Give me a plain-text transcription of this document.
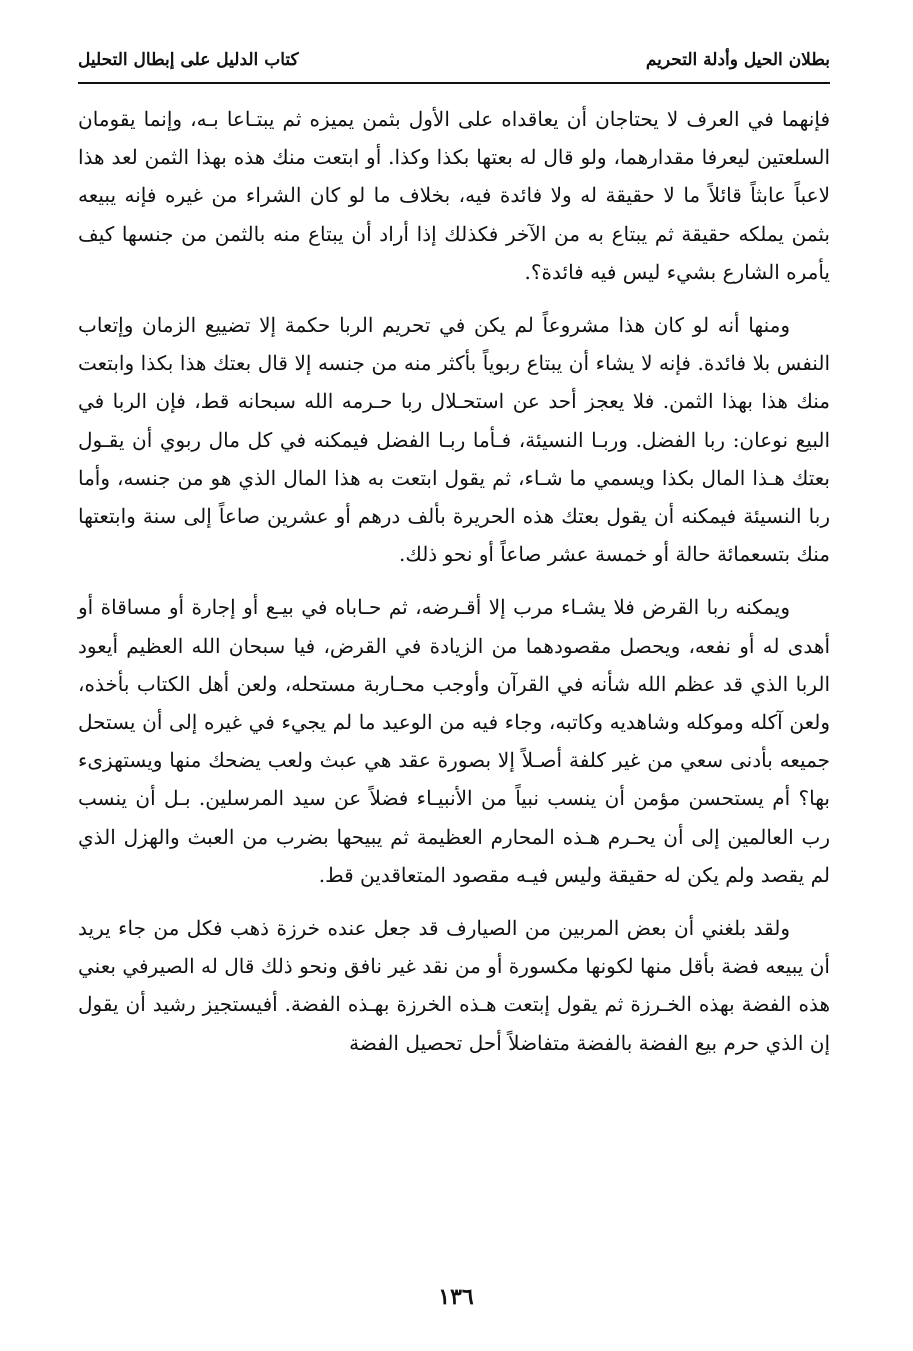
بطلان الحيل وأدلة التحريم
كتاب الدليل على إبطال التحليل

فإنهما في العرف لا يحتاجان أن يعاقداه على الأول بثمن يميزه ثم يبتـاعا بـه، وإنما يقومان السلعتين ليعرفا مقدارهما، ولو قال له بعتها بكذا وكذا. أو ابتعت منك هذه بهذا الثمن لعد هذا لاعباً عابثاً قائلاً ما لا حقيقة له ولا فائدة فيه، بخلاف ما لو كان الشراء من غيره فإنه يبيعه بثمن يملكه حقيقة ثم يبتاع به من الآخر فكذلك إذا أراد أن يبتاع منه بالثمن من جنسها كيف يأمره الشارع بشيء ليس فيه فائدة؟.

ومنها أنه لو كان هذا مشروعاً لم يكن في تحريم الربا حكمة إلا تضييع الزمان وإتعاب النفس بلا فائدة. فإنه لا يشاء أن يبتاع ربوياً بأكثر منه من جنسه إلا قال بعتك هذا بكذا وابتعت منك هذا بهذا الثمن. فلا يعجز أحد عن استحـلال ربا حـرمه الله سبحانه قط، فإن الربا في البيع نوعان: ربا الفضل. وربـا النسيئة، فـأما ربـا الفضل فيمكنه في كل مال ربوي أن يقـول بعتك هـذا المال بكذا ويسمي ما شـاء، ثم يقول ابتعت به هذا المال الذي هو من جنسه، وأما ربا النسيئة فيمكنه أن يقول بعتك هذه الحريرة بألف درهم أو عشرين صاعاً إلى سنة وابتعتها منك بتسعمائة حالة أو خمسة عشر صاعاً أو نحو ذلك.

ويمكنه ربا القرض فلا يشـاء مرب إلا أقـرضه، ثم حـاباه في بيـع أو إجارة أو مساقاة أو أهدى له أو نفعه، ويحصل مقصودهما من الزيادة في القرض، فيا سبحان الله العظيم أيعود الربا الذي قد عظم الله شأنه في القرآن وأوجب محـاربة مستحله، ولعن أهل الكتاب بأخذه، ولعن آكله وموكله وشاهديه وكاتبه، وجاء فيه من الوعيد ما لم يجيء في غيره إلى أن يستحل جميعه بأدنى سعي من غير كلفة أصـلاً إلا بصورة عقد هي عبث ولعب يضحك منها ويستهزىء بها؟ أم يستحسن مؤمن أن ينسب نبياً من الأنبيـاء فضلاً عن سيد المرسلين. بـل أن ينسب رب العالمين إلى أن يحـرم هـذه المحارم العظيمة ثم يبيحها بضرب من العبث والهزل الذي لم يقصد ولم يكن له حقيقة وليس فيـه مقصود المتعاقدين قط.

ولقد بلغني أن بعض المربين من الصيارف قد جعل عنده خرزة ذهب فكل من جاء يريد أن يبيعه فضة بأقل منها لكونها مكسورة أو من نقد غير نافق ونحو ذلك قال له الصيرفي بعني هذه الفضة بهذه الخـرزة ثم يقول إبتعت هـذه الخرزة بهـذه الفضة. أفيستجيز رشيد أن يقول إن الذي حرم بيع الفضة بالفضة متفاضلاً أحل تحصيل الفضة

١٣٦
